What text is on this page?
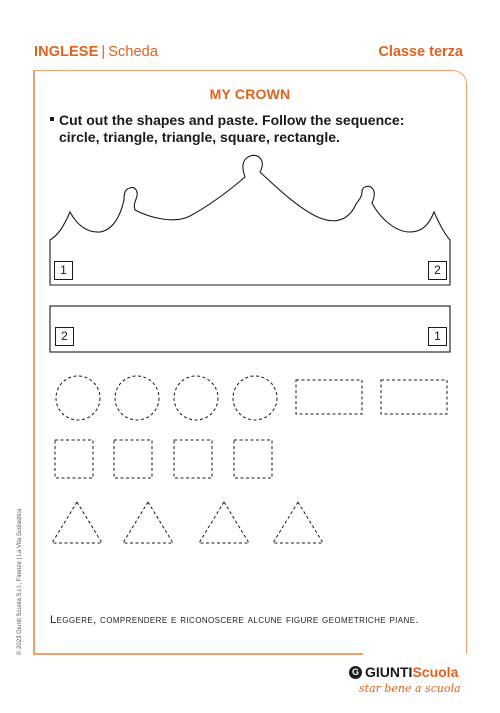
INGLESE | Scheda	Classe terza
MY CROWN
Cut out the shapes and paste. Follow the sequence:
circle, triangle, triangle, square, rectangle.
1	2
2	1
Leggere, comprendere e riconoscere alcune figure geometriche piane.
© 2023 Giunti Scuola S.r.l., Firenze | La Vita Scolastica
G GIUNTI Scuola
star bene a scuola
